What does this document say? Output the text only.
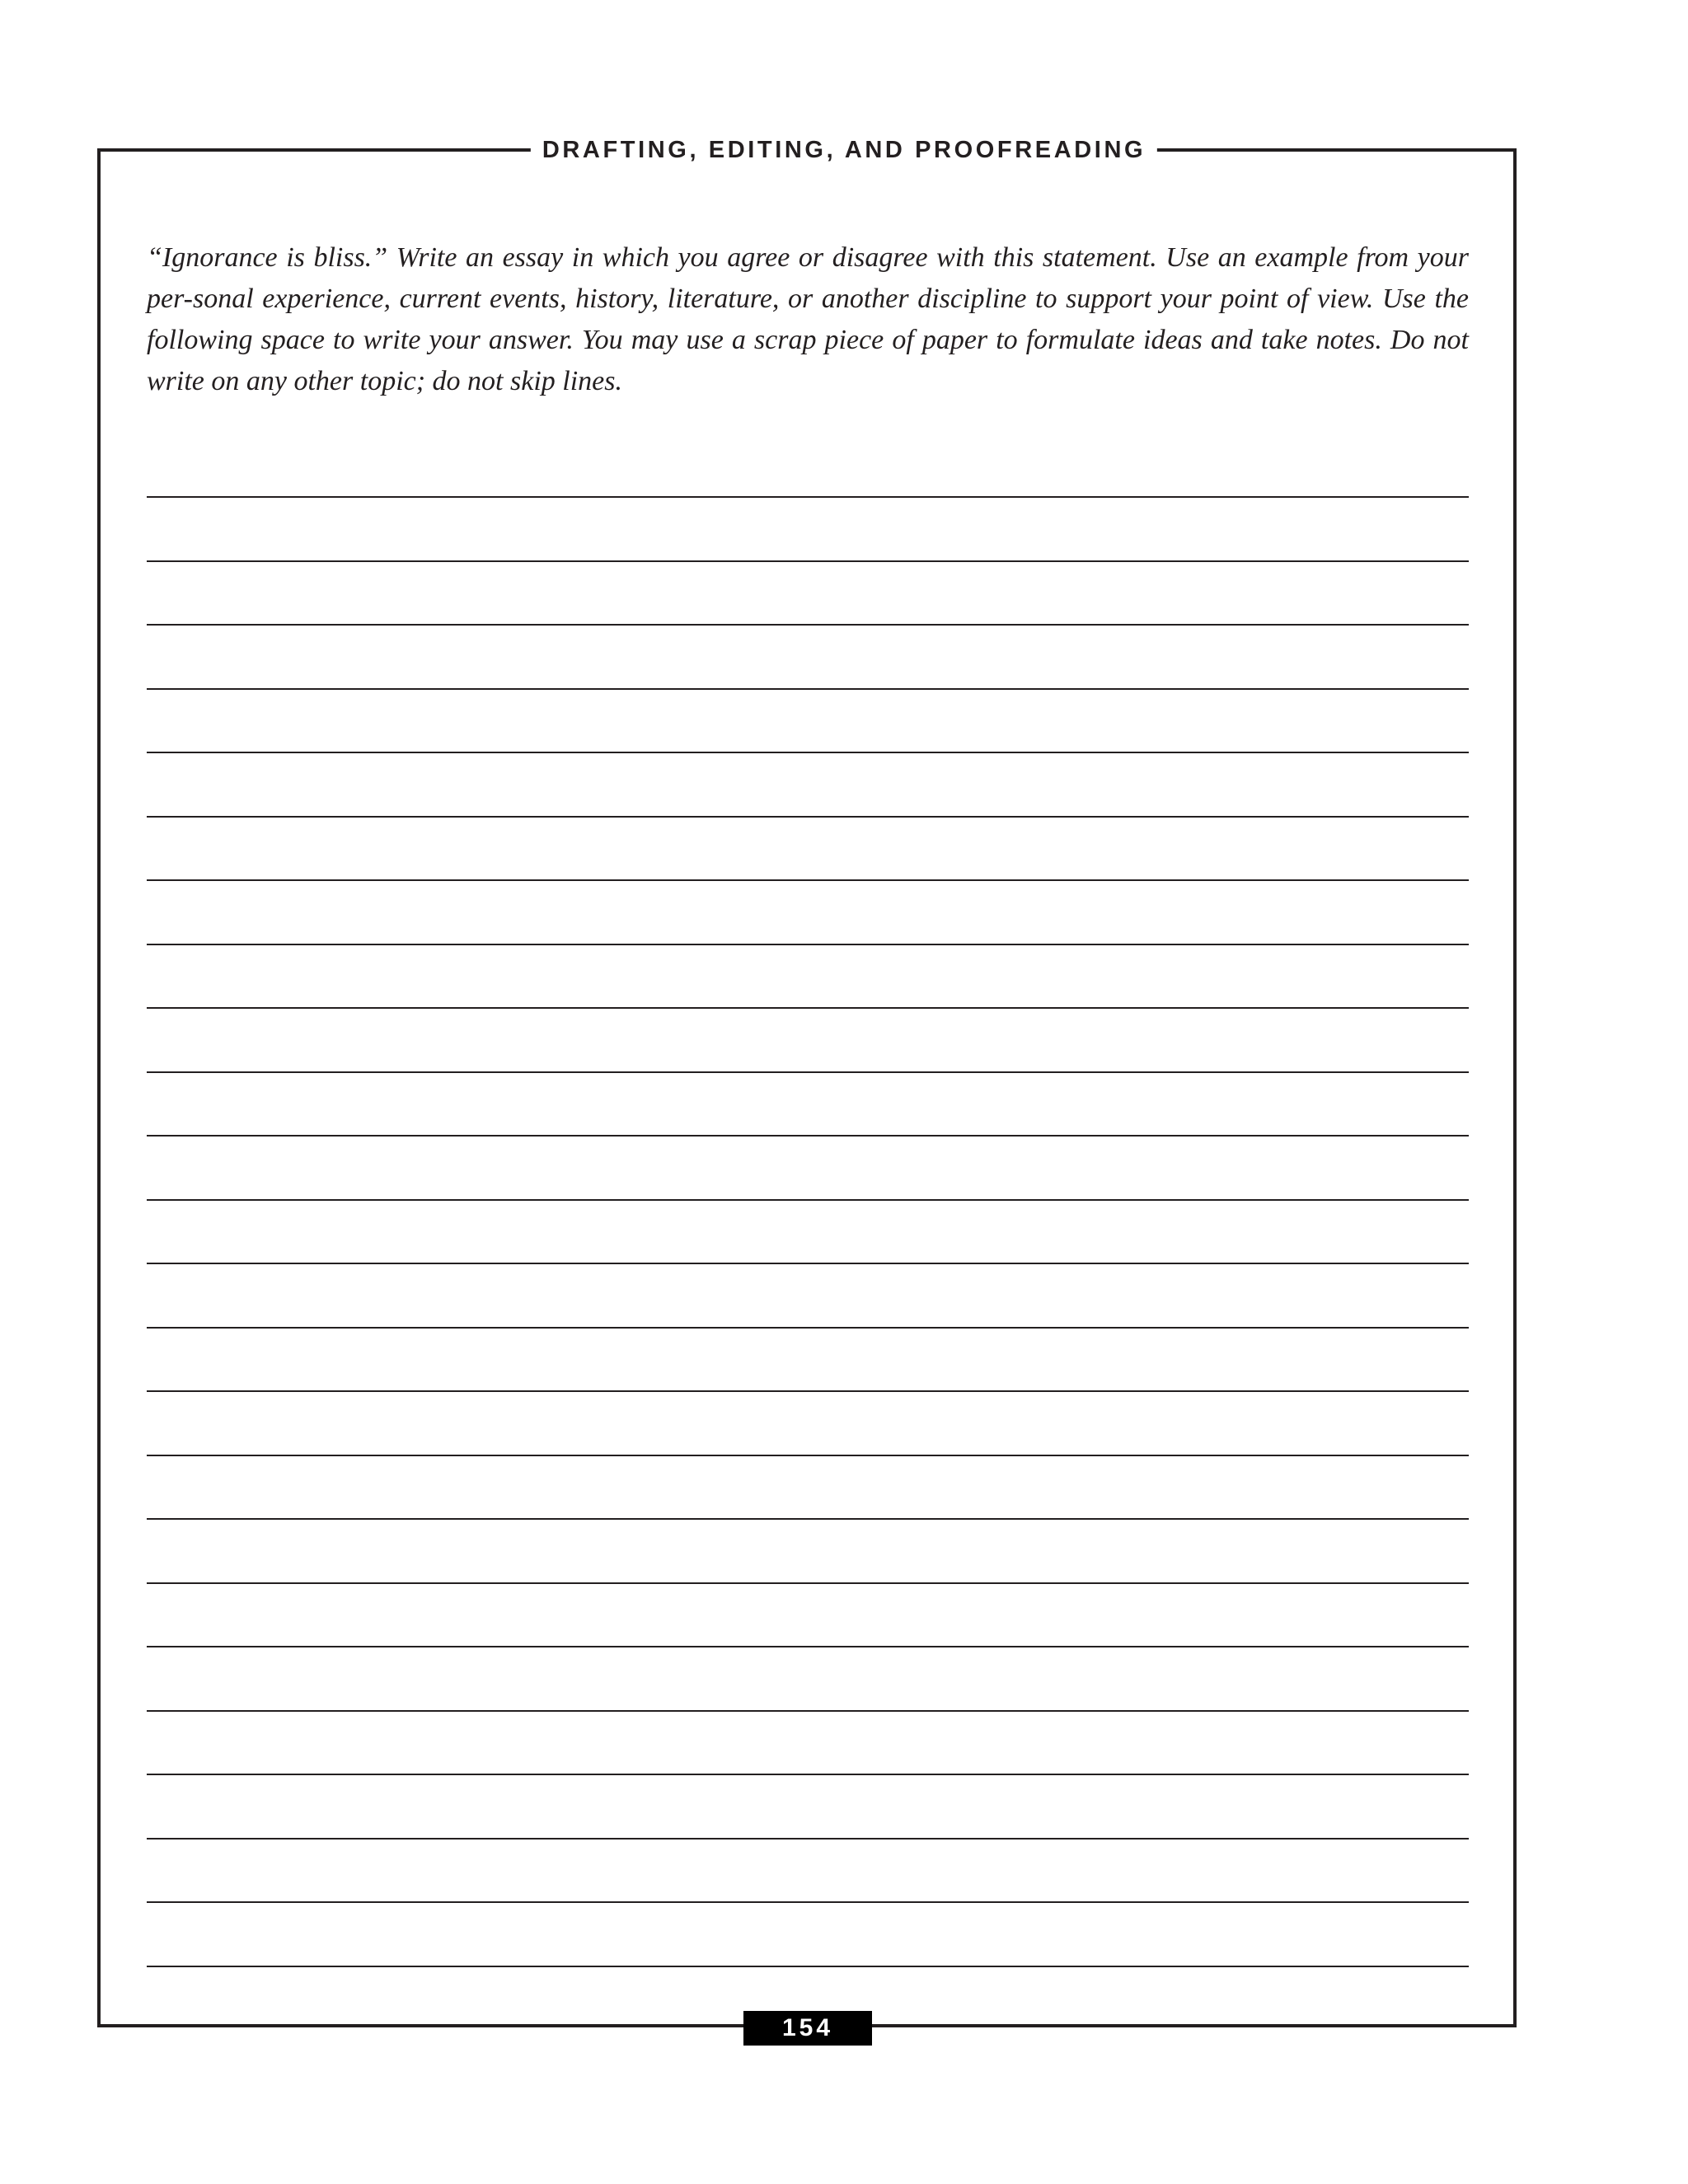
DRAFTING, EDITING, AND PROOFREADING
“Ignorance is bliss.” Write an essay in which you agree or disagree with this statement. Use an example from your per-sonal experience, current events, history, literature, or another discipline to support your point of view. Use the following space to write your answer. You may use a scrap piece of paper to formulate ideas and take notes. Do not write on any other topic; do not skip lines.
154
